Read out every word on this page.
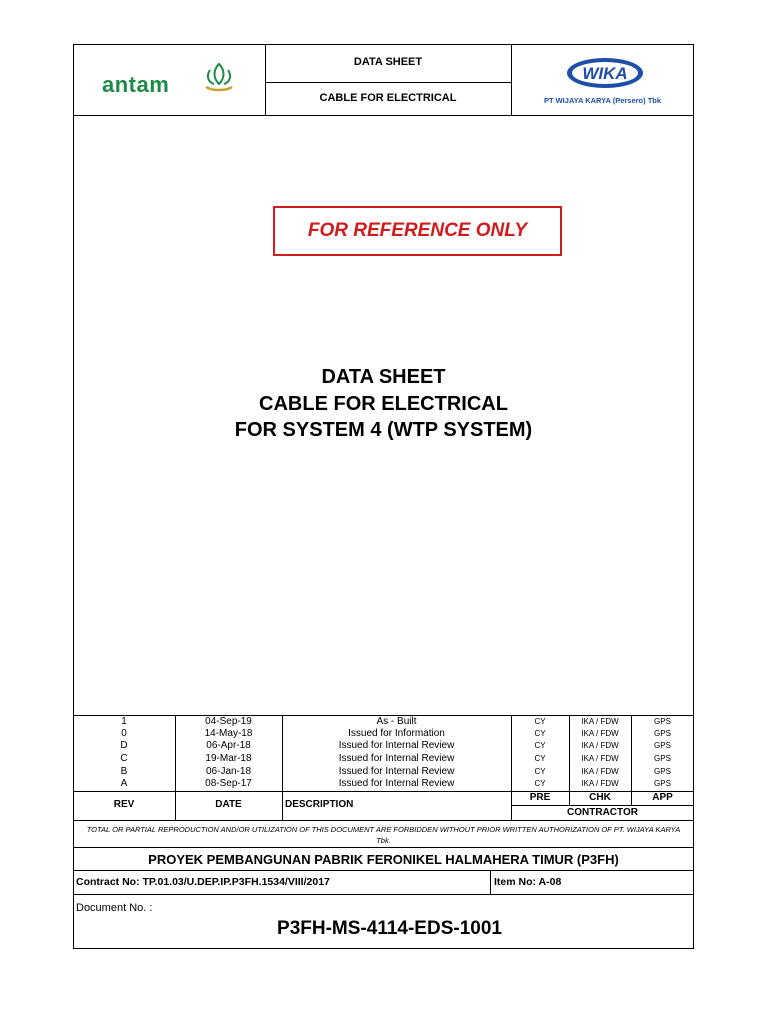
antam
DATA SHEET
CABLE FOR ELECTRICAL
WIKA
PT WIJAYA KARYA (Persero) Tbk
FOR REFERENCE ONLY
DATA SHEET
CABLE FOR ELECTRICAL
FOR SYSTEM 4 (WTP SYSTEM)
1	04-Sep-19	As - Built	CY	IKA / FDW	GPS
0	14-May-18	Issued for Information	CY	IKA / FDW	GPS
D	06-Apr-18	Issued for Internal Review	CY	IKA / FDW	GPS
C	19-Mar-18	Issued for Internal Review	CY	IKA / FDW	GPS
B	06-Jan-18	Issued for Internal Review	CY	IKA / FDW	GPS
A	08-Sep-17	Issued for Internal Review	CY	IKA / FDW	GPS
REV	DATE	DESCRIPTION
PRE	CHK	APP
CONTRACTOR
TOTAL OR PARTIAL REPRODUCTION AND/OR UTILIZATION OF THIS DOCUMENT ARE FORBIDDEN WITHOUT PRIOR WRITTEN AUTHORIZATION OF PT. WIJAYA KARYA Tbk.
PROYEK PEMBANGUNAN PABRIK FERONIKEL HALMAHERA TIMUR (P3FH)
Contract No: TP.01.03/U.DEP.IP.P3FH.1534/VIII/2017	Item No: A-08
Document No. :
P3FH-MS-4114-EDS-1001
